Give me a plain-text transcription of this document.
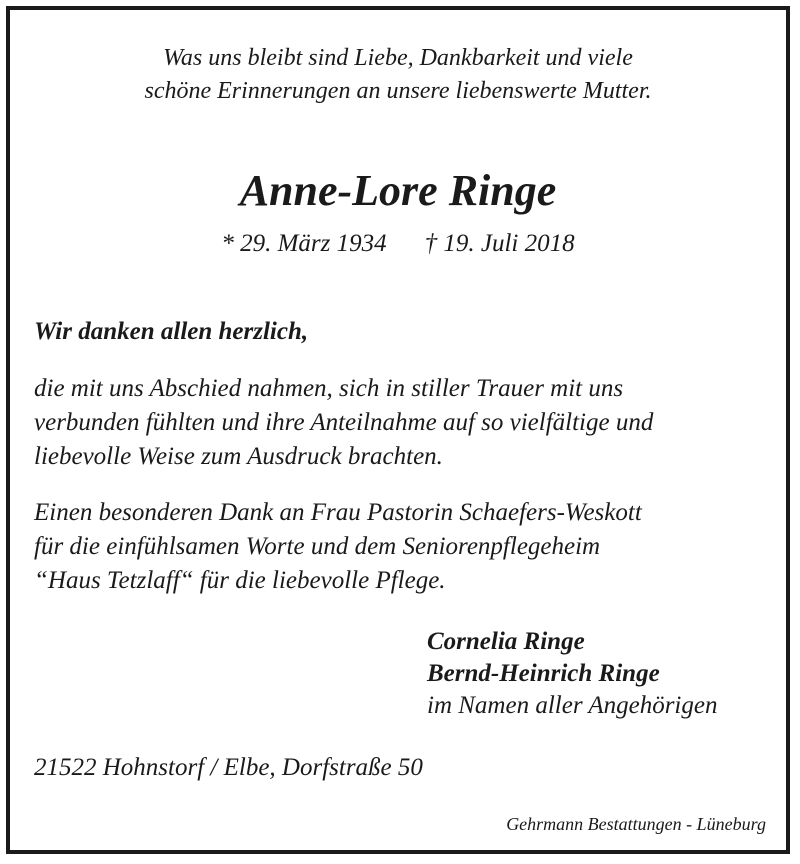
Was uns bleibt sind Liebe, Dankbarkeit und viele
schöne Erinnerungen an unsere liebenswerte Mutter.
Anne-Lore Ringe
* 29. März 1934 † 19. Juli 2018
Wir danken allen herzlich,
die mit uns Abschied nahmen, sich in stiller Trauer mit uns
verbunden fühlten und ihre Anteilnahme auf so vielfältige und
liebevolle Weise zum Ausdruck brachten.
Einen besonderen Dank an Frau Pastorin Schaefers-Weskott
für die einfühlsamen Worte und dem Seniorenpflegeheim
“Haus Tetzlaff“ für die liebevolle Pflege.
Cornelia Ringe
Bernd-Heinrich Ringe
im Namen aller Angehörigen
21522 Hohnstorf / Elbe, Dorfstraße 50
Gehrmann Bestattungen - Lüneburg
